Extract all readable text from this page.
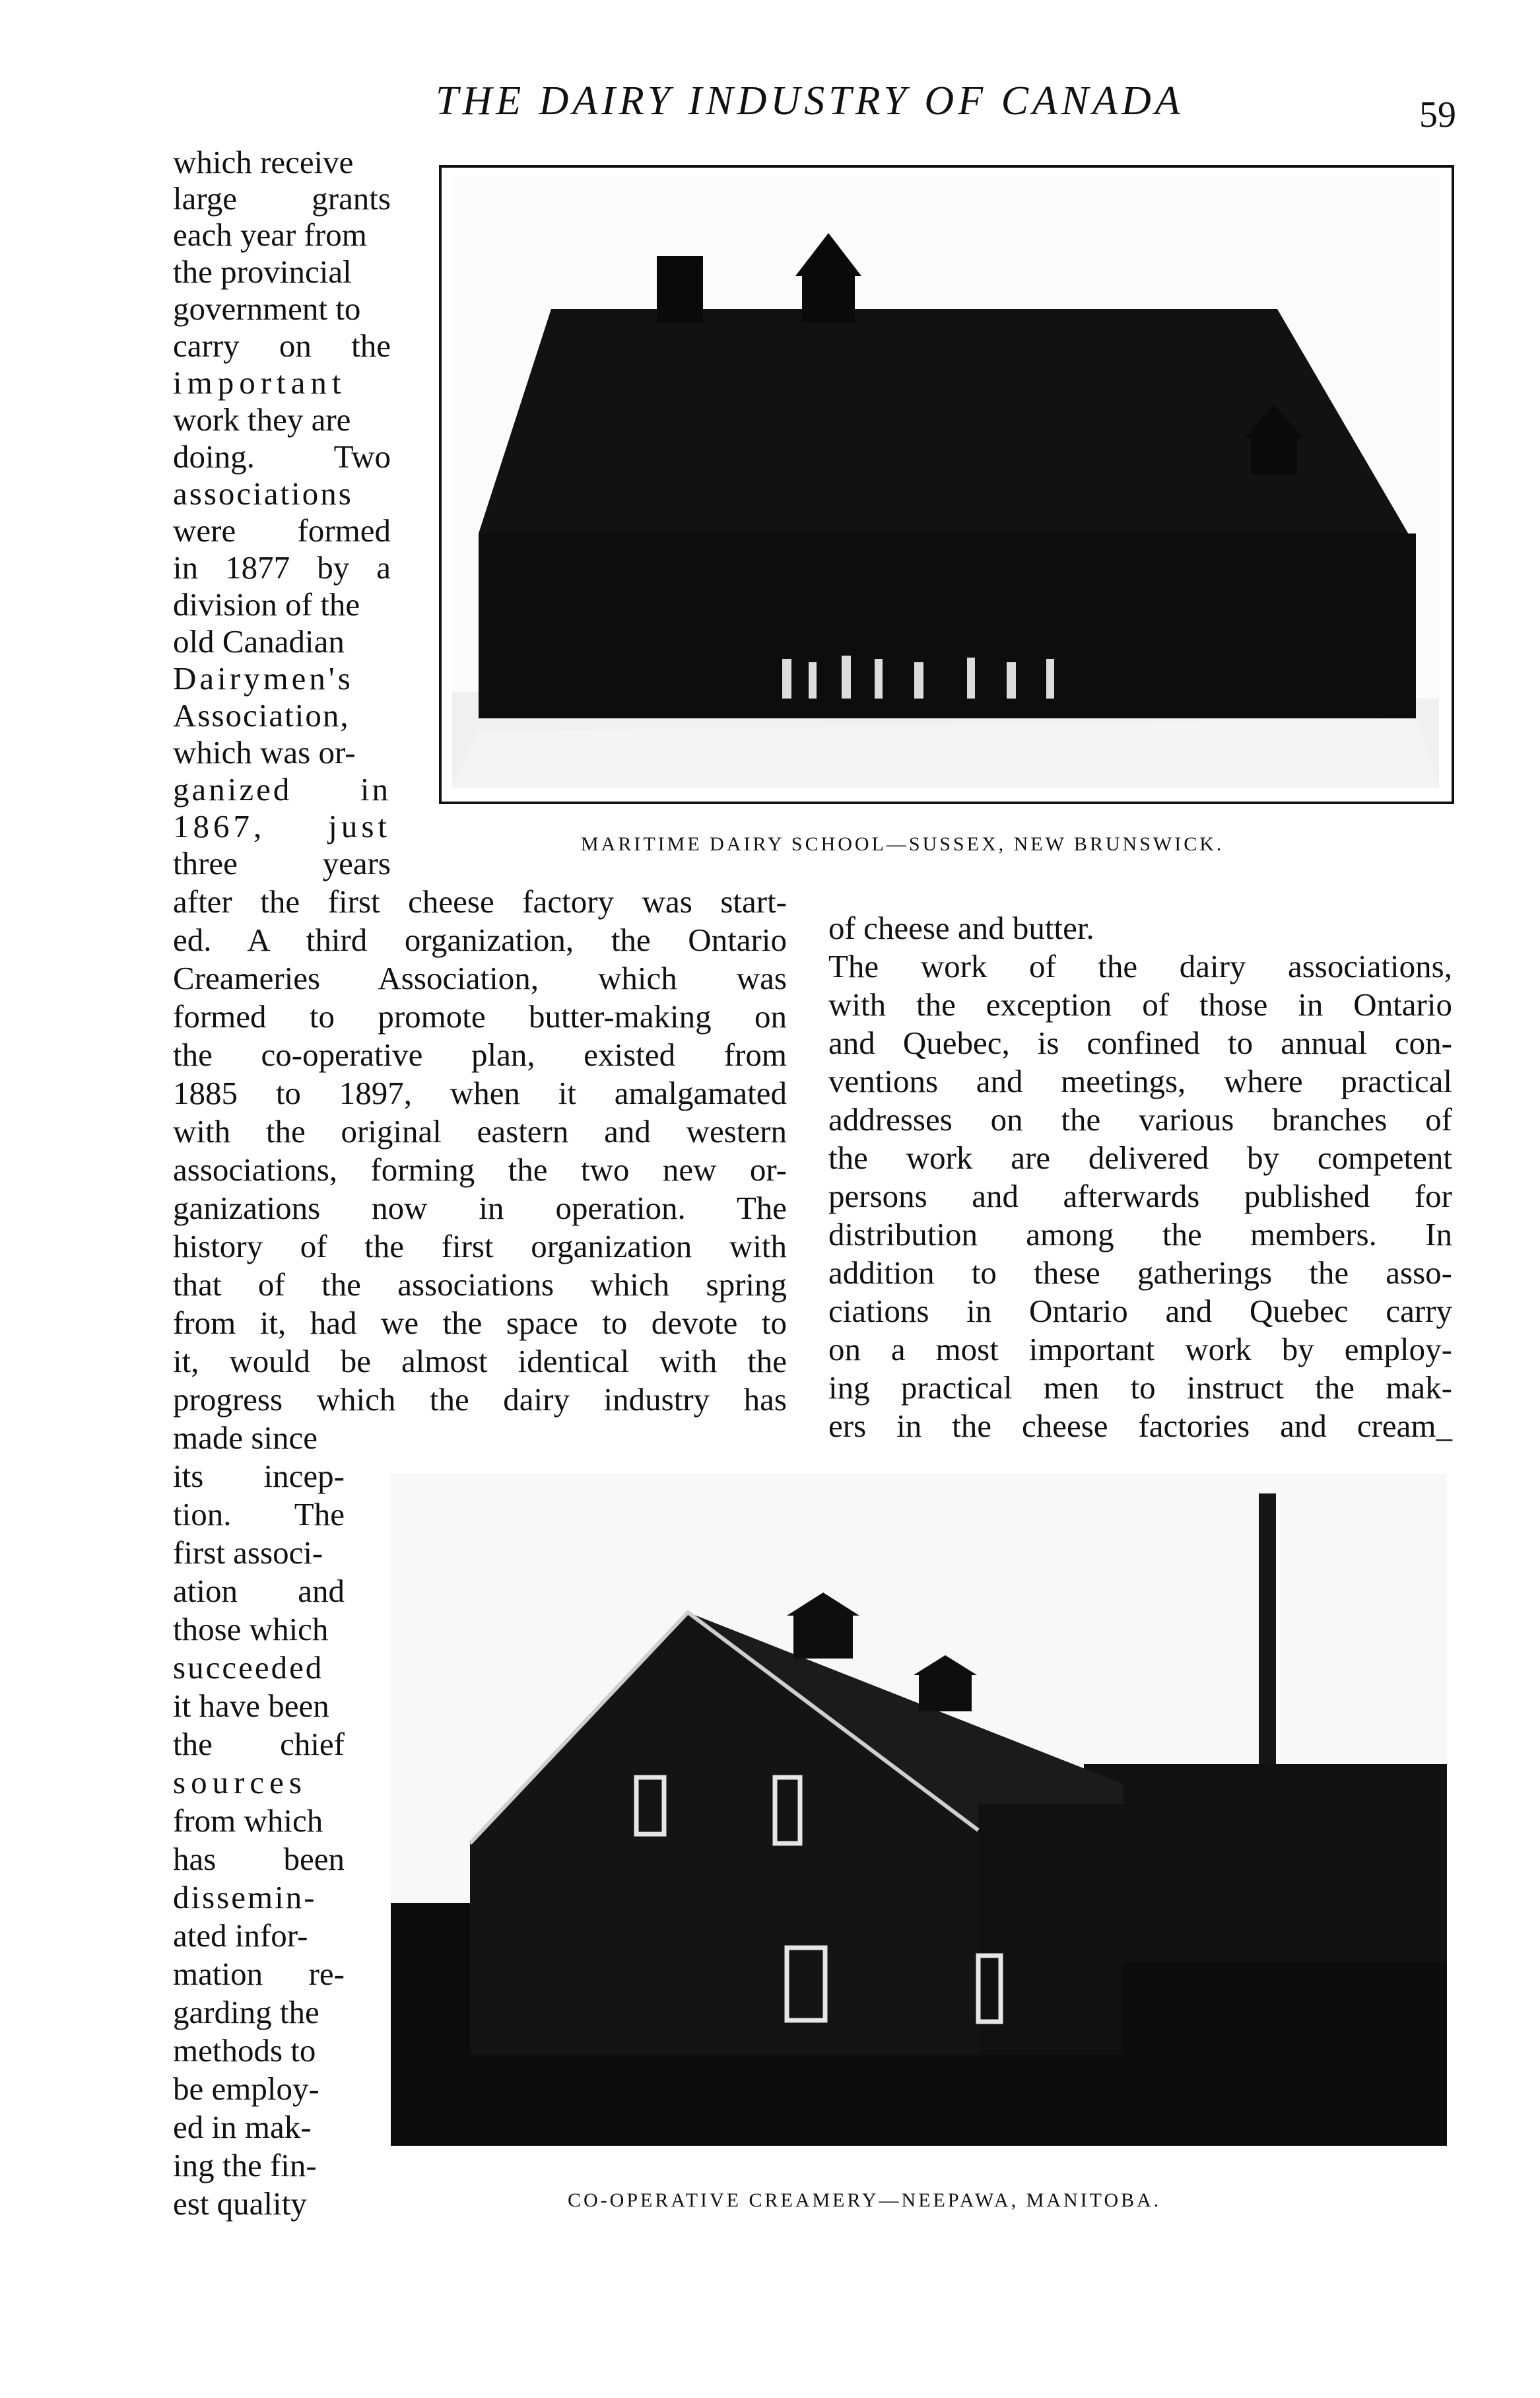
THE DAIRY INDUSTRY OF CANADA	59
MARITIME DAIRY SCHOOL—SUSSEX, NEW BRUNSWICK.
which receive
large grants
each year from
the provincial
government to
carry on the
important
work they are
doing. Two
associations
were formed
in 1877 by a
division of the
old Canadian
Dairymen's
Association,
which was or-
ganized in
1867, just
three years
after the first cheese factory was start-
ed. A third organization, the Ontario
Creameries Association, which was
formed to promote butter-making on
the co-operative plan, existed from
1885 to 1897, when it amalgamated
with the original eastern and western
associations, forming the two new or-
ganizations now in operation. The
history of the first organization with
that of the associations which spring
from it, had we the space to devote to
it, would be almost identical with the
progress which the dairy industry has
of cheese and butter.
The work of the dairy associations,
with the exception of those in Ontario
and Quebec, is confined to annual con-
ventions and meetings, where practical
addresses on the various branches of
the work are delivered by competent
persons and afterwards published for
distribution among the members. In
addition to these gatherings the asso-
ciations in Ontario and Quebec carry
on a most important work by employ-
ing practical men to instruct the mak-
ers in the cheese factories and cream_
CO-OPERATIVE CREAMERY—NEEPAWA, MANITOBA.
made since
its incep-
tion. The
first associ-
ation and
those which
succeeded
it have been
the chief
sources
from which
has been
dissemin-
ated infor-
mation re-
garding the
methods to
be employ-
ed in mak-
ing the fin-
est quality
